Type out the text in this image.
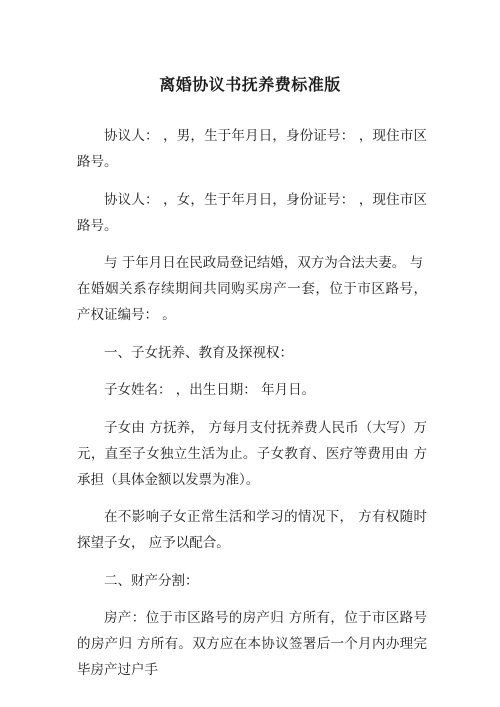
离婚协议书抚养费标准版

协议人： ，男，生于年月日，身份证号： ，现住市区路号。

协议人： ，女，生于年月日，身份证号： ，现住市区路号。

与 于年月日在民政局登记结婚，双方为合法夫妻。 与

在婚姻关系存续期间共同购买房产一套，位于市区路号，产权证编号： 。

一、子女抚养、教育及探视权：

子女姓名： ，出生日期： 年月日。

子女由 方抚养， 方每月支付抚养费人民币（大写）万元，直至子女独立生活为止。子女教育、医疗等费用由 方承担（具体金额以发票为准）。

在不影响子女正常生活和学习的情况下， 方有权随时探望子女， 应予以配合。

二、财产分割：

房产：位于市区路号的房产归 方所有，位于市区路号的房产归 方所有。双方应在本协议签署后一个月内办理完毕房产过户手
